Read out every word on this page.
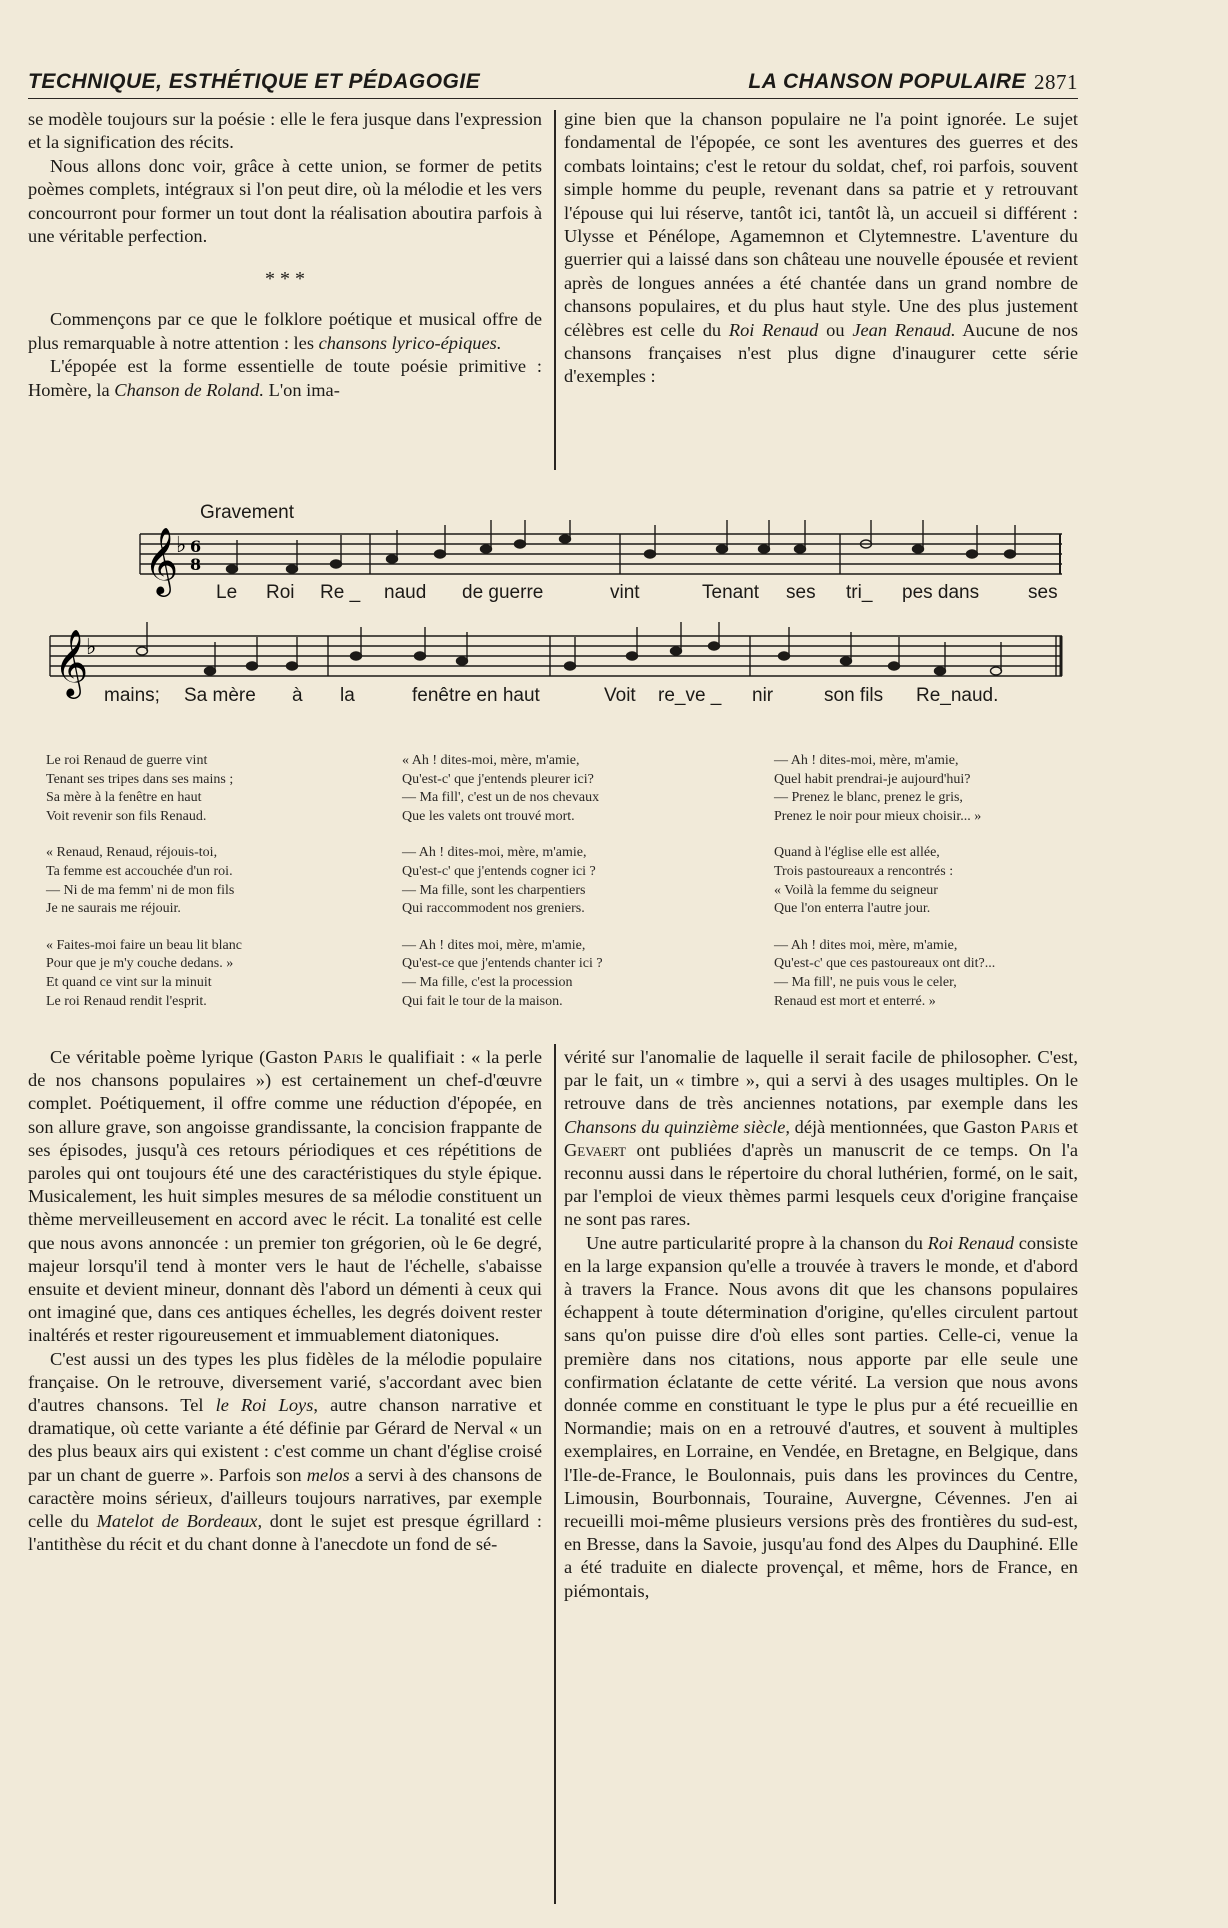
TECHNIQUE, ESTHÉTIQUE ET PÉDAGOGIE	LA CHANSON POPULAIRE 2871

se modèle toujours sur la poésie : elle le fera jusque dans l'expression et la signification des récits.

Nous allons donc voir, grâce à cette union, se former de petits poèmes complets, intégraux si l'on peut dire, où la mélodie et les vers concourront pour former un tout dont la réalisation aboutira parfois à une véritable perfection.

* * *

Commençons par ce que le folklore poétique et musical offre de plus remarquable à notre attention : les chansons lyrico-épiques.

L'épopée est la forme essentielle de toute poésie primitive : Homère, la Chanson de Roland. L'on ima-

gine bien que la chanson populaire ne l'a point ignorée. Le sujet fondamental de l'épopée, ce sont les aventures des guerres et des combats lointains; c'est le retour du soldat, chef, roi parfois, souvent simple homme du peuple, revenant dans sa patrie et y retrouvant l'épouse qui lui réserve, tantôt ici, tantôt là, un accueil si différent : Ulysse et Pénélope, Agamemnon et Clytemnestre. L'aventure du guerrier qui a laissé dans son château une nouvelle épousée et revient après de longues années a été chantée dans un grand nombre de chansons populaires, et du plus haut style. Une des plus justement célèbres est celle du Roi Renaud ou Jean Renaud. Aucune de nos chansons françaises n'est plus digne d'inaugurer cette série d'exemples :

Gravement
𝄞
♭ 6
8
Le Roi Re _ naud de guerre	vint	Tenant ses tri_ pes dans	ses
𝄞
♭
mains; Sa mère à la	fenêtre en haut	Voit re_ve _ nir	son fils Re_naud.
Le roi Renaud de guerre vint
Tenant ses tripes dans ses mains ;
Sa mère à la fenêtre en haut
Voit revenir son fils Renaud.
« Renaud, Renaud, réjouis-toi,
Ta femme est accouchée d'un roi.
— Ni de ma femm' ni de mon fils
Je ne saurais me réjouir.
« Faites-moi faire un beau lit blanc
Pour que je m'y couche dedans. »
Et quand ce vint sur la minuit
Le roi Renaud rendit l'esprit.
« Ah ! dites-moi, mère, m'amie,
Qu'est-c' que j'entends pleurer ici?
— Ma fill', c'est un de nos chevaux
Que les valets ont trouvé mort.
— Ah ! dites-moi, mère, m'amie,
Qu'est-c' que j'entends cogner ici ?
— Ma fille, sont les charpentiers
Qui raccommodent nos greniers.
— Ah ! dites moi, mère, m'amie,
Qu'est-ce que j'entends chanter ici ?
— Ma fille, c'est la procession
Qui fait le tour de la maison.
— Ah ! dites-moi, mère, m'amie,
Quel habit prendrai-je aujourd'hui?
— Prenez le blanc, prenez le gris,
Prenez le noir pour mieux choisir... »
Quand à l'église elle est allée,
Trois pastoureaux a rencontrés :
« Voilà la femme du seigneur
Que l'on enterra l'autre jour.
— Ah ! dites moi, mère, m'amie,
Qu'est-c' que ces pastoureaux ont dit?...
— Ma fill', ne puis vous le celer,
Renaud est mort et enterré. »

Ce véritable poème lyrique (Gaston Paris le qualifiait : « la perle de nos chansons populaires ») est certainement un chef-d'œuvre complet. Poétiquement, il offre comme une réduction d'épopée, en son allure grave, son angoisse grandissante, la concision frappante de ses épisodes, jusqu'à ces retours périodiques et ces répétitions de paroles qui ont toujours été une des caractéristiques du style épique. Musicalement, les huit simples mesures de sa mélodie constituent un thème merveilleusement en accord avec le récit. La tonalité est celle que nous avons annoncée : un premier ton grégorien, où le 6e degré, majeur lorsqu'il tend à monter vers le haut de l'échelle, s'abaisse ensuite et devient mineur, donnant dès l'abord un démenti à ceux qui ont imaginé que, dans ces antiques échelles, les degrés doivent rester inaltérés et rester rigoureusement et immuablement diatoniques.

C'est aussi un des types les plus fidèles de la mélodie populaire française. On le retrouve, diversement varié, s'accordant avec bien d'autres chansons. Tel le Roi Loys, autre chanson narrative et dramatique, où cette variante a été définie par Gérard de Nerval « un des plus beaux airs qui existent : c'est comme un chant d'église croisé par un chant de guerre ». Parfois son melos a servi à des chansons de caractère moins sérieux, d'ailleurs toujours narratives, par exemple celle du Matelot de Bordeaux, dont le sujet est presque égrillard : l'antithèse du récit et du chant donne à l'anecdote un fond de sé-

vérité sur l'anomalie de laquelle il serait facile de philosopher. C'est, par le fait, un « timbre », qui a servi à des usages multiples. On le retrouve dans de très anciennes notations, par exemple dans les Chansons du quinzième siècle, déjà mentionnées, que Gaston Paris et Gevaert ont publiées d'après un manuscrit de ce temps. On l'a reconnu aussi dans le répertoire du choral luthérien, formé, on le sait, par l'emploi de vieux thèmes parmi lesquels ceux d'origine française ne sont pas rares.

Une autre particularité propre à la chanson du Roi Renaud consiste en la large expansion qu'elle a trouvée à travers le monde, et d'abord à travers la France. Nous avons dit que les chansons populaires échappent à toute détermination d'origine, qu'elles circulent partout sans qu'on puisse dire d'où elles sont parties. Celle-ci, venue la première dans nos citations, nous apporte par elle seule une confirmation éclatante de cette vérité. La version que nous avons donnée comme en constituant le type le plus pur a été recueillie en Normandie; mais on en a retrouvé d'autres, et souvent à multiples exemplaires, en Lorraine, en Vendée, en Bretagne, en Belgique, dans l'Ile-de-France, le Boulonnais, puis dans les provinces du Centre, Limousin, Bourbonnais, Touraine, Auvergne, Cévennes. J'en ai recueilli moi-même plusieurs versions près des frontières du sud-est, en Bresse, dans la Savoie, jusqu'au fond des Alpes du Dauphiné. Elle a été traduite en dialecte provençal, et même, hors de France, en piémontais,
